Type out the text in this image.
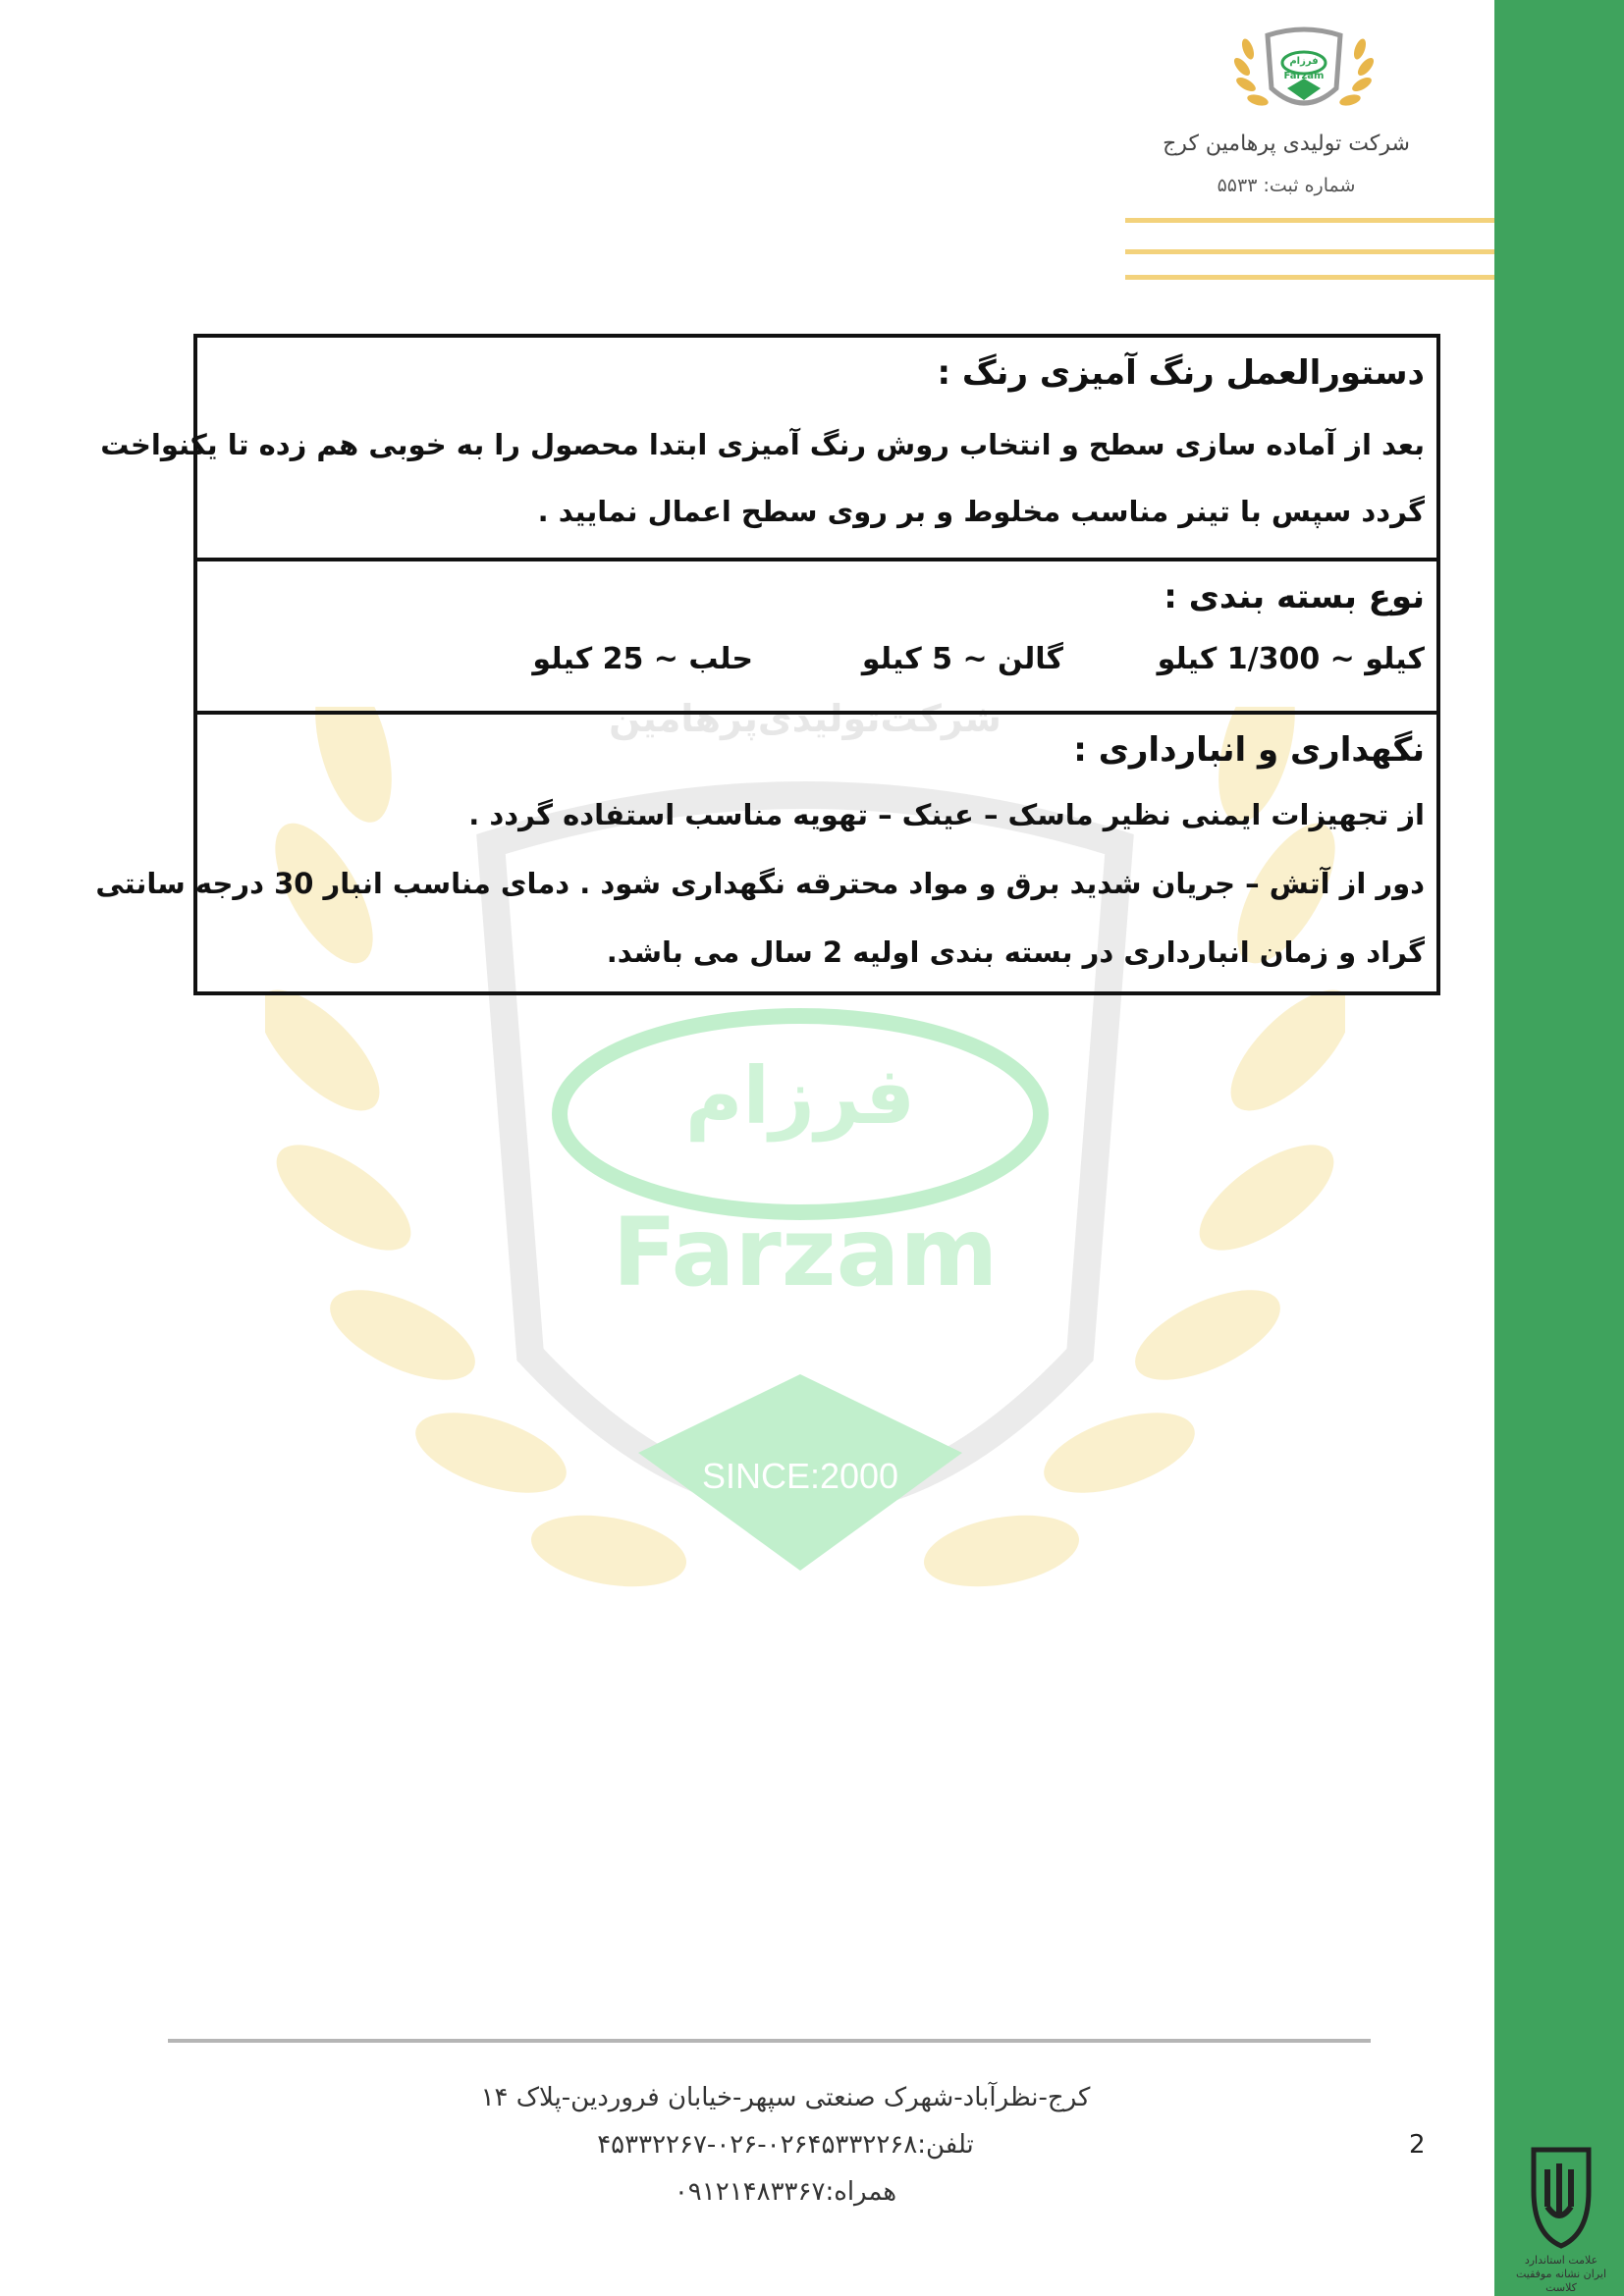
فرزام
Farzam
شرکت تولیدی پرهامین کرج
شماره ثبت: ۵۵۳۳
شرکت‌تولیدی‌پرهامین
فرزام
Farzam
SINCE:2000
دستورالعمل رنگ آمیزی رنگ :
بعد از آماده سازی سطح و انتخاب روش رنگ آمیزی ابتدا محصول را به خوبی هم زده تا یکنواخت
گردد سپس با تینر مناسب مخلوط و بر روی سطح اعمال نمایید .
نوع بسته بندی :
کیلو ~ 1/300 کیلو
گالن ~ 5 کیلو
حلب ~ 25 کیلو
نگهداری و انبارداری :
از تجهیزات ایمنی نظیر ماسک – عینک – تهویه مناسب استفاده گردد .
دور از آتش – جریان شدید برق و مواد محترقه نگهداری شود . دمای مناسب انبار 30 درجه سانتی
گراد و زمان انبارداری در بسته بندی اولیه 2 سال می باشد.
کرج-نظرآباد-شهرک صنعتی سپهر-خیابان فروردین-پلاک ۱۴
تلفن:۰۲۶۴۵۳۳۲۲۶۸-۰۲۶-۴۵۳۳۲۲۶۷
همراه:۰۹۱۲۱۴۸۳۳۶۷
2
علامت استاندارد ایران نشانه موفقیت کلاست
